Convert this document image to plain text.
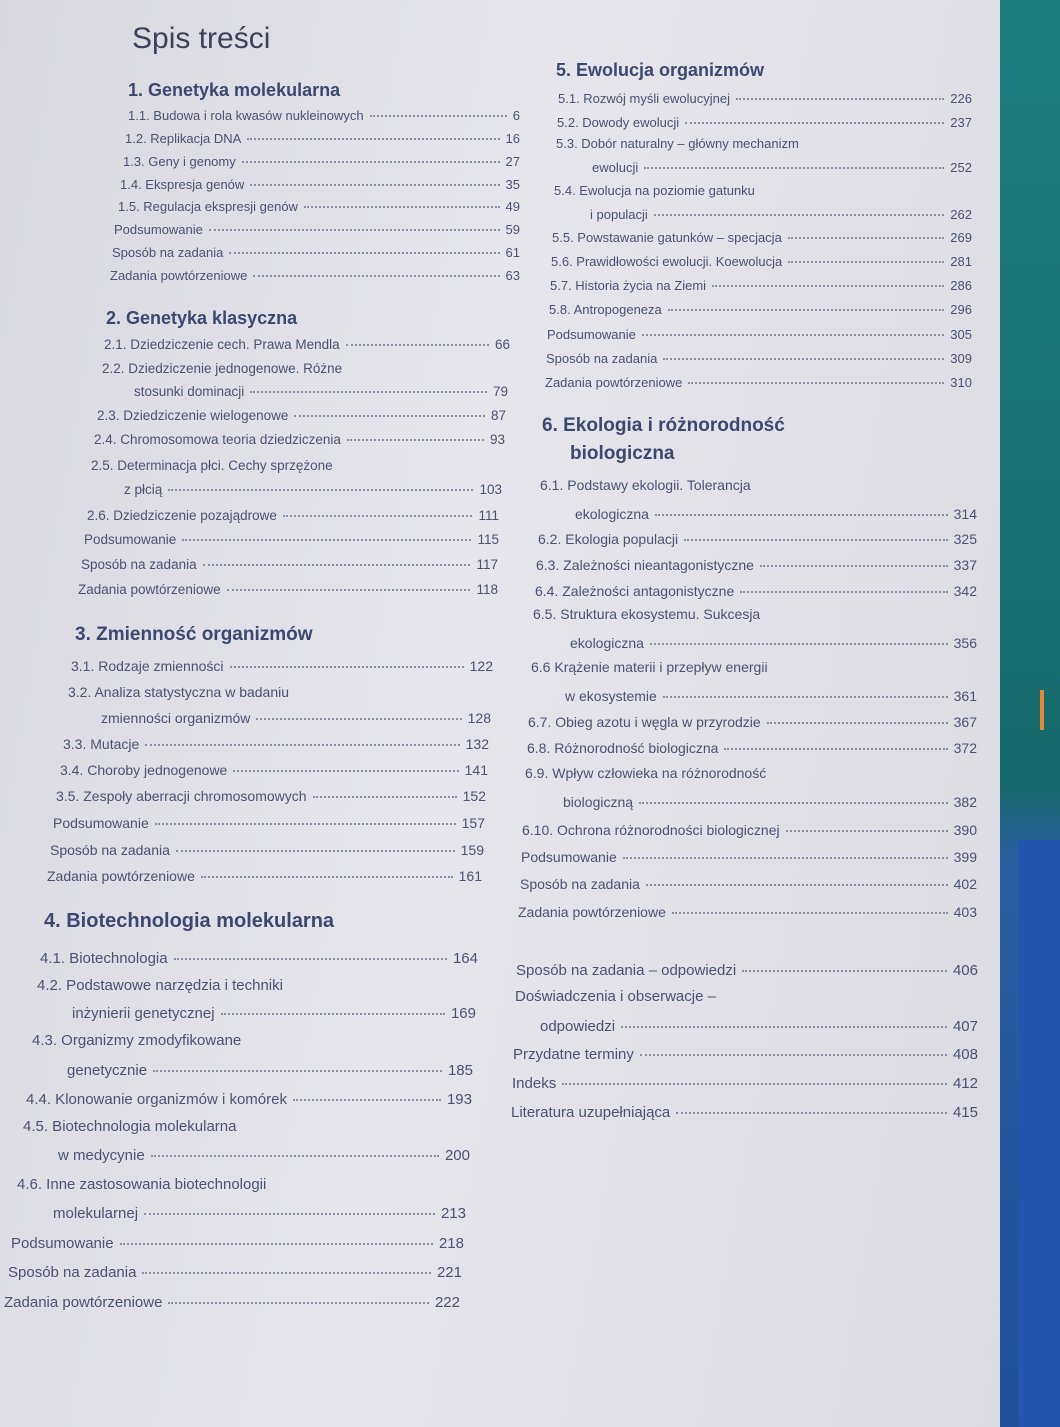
Spis treści
1. Genetyka molekularna
1.1. Budowa i rola kwasów nukleinowych	6
1.2. Replikacja DNA	16
1.3. Geny i genomy	27
1.4. Ekspresja genów	35
1.5. Regulacja ekspresji genów	49
Podsumowanie	59
Sposób na zadania	61
Zadania powtórzeniowe	63
2. Genetyka klasyczna
2.1. Dziedziczenie cech. Prawa Mendla	66
2.2. Dziedziczenie jednogenowe. Różne
stosunki dominacji	79
2.3. Dziedziczenie wielogenowe	87
2.4. Chromosomowa teoria dziedziczenia	93
2.5. Determinacja płci. Cechy sprzężone
z płcią	103
2.6. Dziedziczenie pozajądrowe	111
Podsumowanie	115
Sposób na zadania	117
Zadania powtórzeniowe	118
3. Zmienność organizmów
3.1. Rodzaje zmienności	122
3.2. Analiza statystyczna w badaniu
zmienności organizmów	128
3.3. Mutacje	132
3.4. Choroby jednogenowe	141
3.5. Zespoły aberracji chromosomowych	152
Podsumowanie	157
Sposób na zadania	159
Zadania powtórzeniowe	161
4. Biotechnologia molekularna
4.1. Biotechnologia	164
4.2. Podstawowe narzędzia i techniki
inżynierii genetycznej	169
4.3. Organizmy zmodyfikowane
genetycznie	185
4.4. Klonowanie organizmów i komórek	193
4.5. Biotechnologia molekularna
w medycynie	200
4.6. Inne zastosowania biotechnologii
molekularnej	213
Podsumowanie	218
Sposób na zadania	221
Zadania powtórzeniowe	222
5. Ewolucja organizmów
5.1. Rozwój myśli ewolucyjnej	226
5.2. Dowody ewolucji	237
5.3. Dobór naturalny – główny mechanizm
ewolucji	252
5.4. Ewolucja na poziomie gatunku
i populacji	262
5.5. Powstawanie gatunków – specjacja	269
5.6. Prawidłowości ewolucji. Koewolucja	281
5.7. Historia życia na Ziemi	286
5.8. Antropogeneza	296
Podsumowanie	305
Sposób na zadania	309
Zadania powtórzeniowe	310
6. Ekologia i różnorodność
biologiczna
6.1. Podstawy ekologii. Tolerancja
ekologiczna	314
6.2. Ekologia populacji	325
6.3. Zależności nieantagonistyczne	337
6.4. Zależności antagonistyczne	342
6.5. Struktura ekosystemu. Sukcesja
ekologiczna	356
6.6 Krążenie materii i przepływ energii
w ekosystemie	361
6.7. Obieg azotu i węgla w przyrodzie	367
6.8. Różnorodność biologiczna	372
6.9. Wpływ człowieka na różnorodność
biologiczną	382
6.10. Ochrona różnorodności biologicznej	390
Podsumowanie	399
Sposób na zadania	402
Zadania powtórzeniowe	403
Sposób na zadania – odpowiedzi	406
Doświadczenia i obserwacje –
odpowiedzi	407
Przydatne terminy	408
Indeks	412
Literatura uzupełniająca	415
